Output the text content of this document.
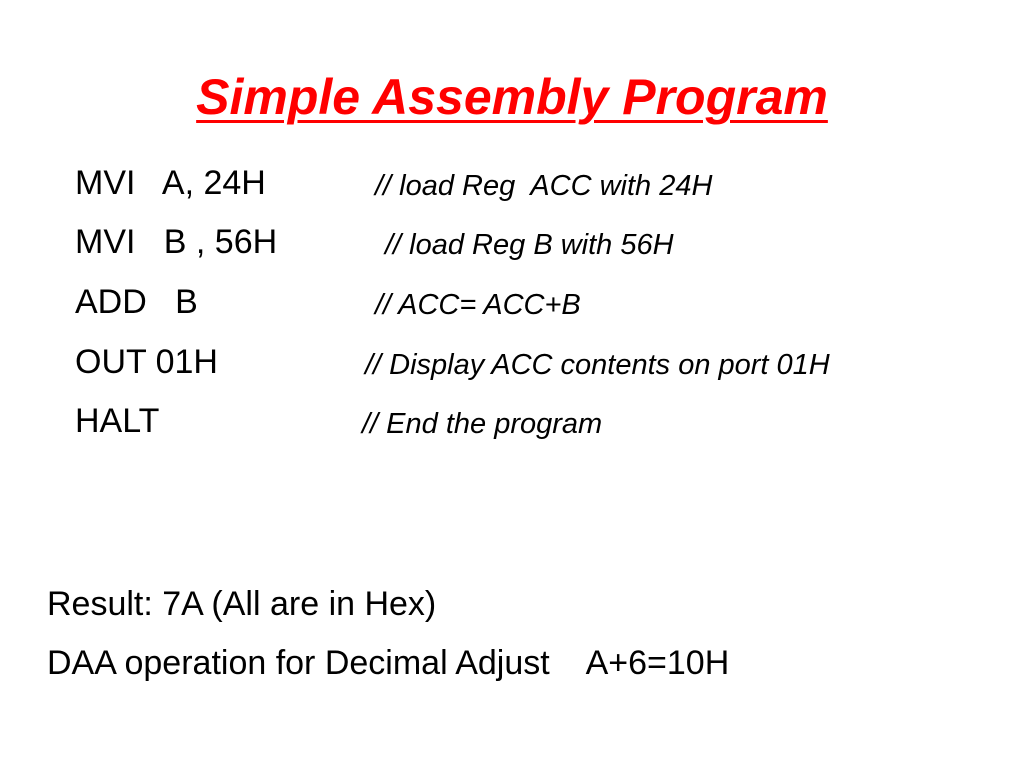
Simple Assembly Program
MVI   A, 24H	// load Reg  ACC with 24H
MVI   B , 56H	// load Reg B with 56H
ADD   B	// ACC= ACC+B
OUT 01H	// Display ACC contents on port 01H
HALT	// End the program
Result: 7A (All are in Hex)
DAA operation for Decimal Adjust    A+6=10H
